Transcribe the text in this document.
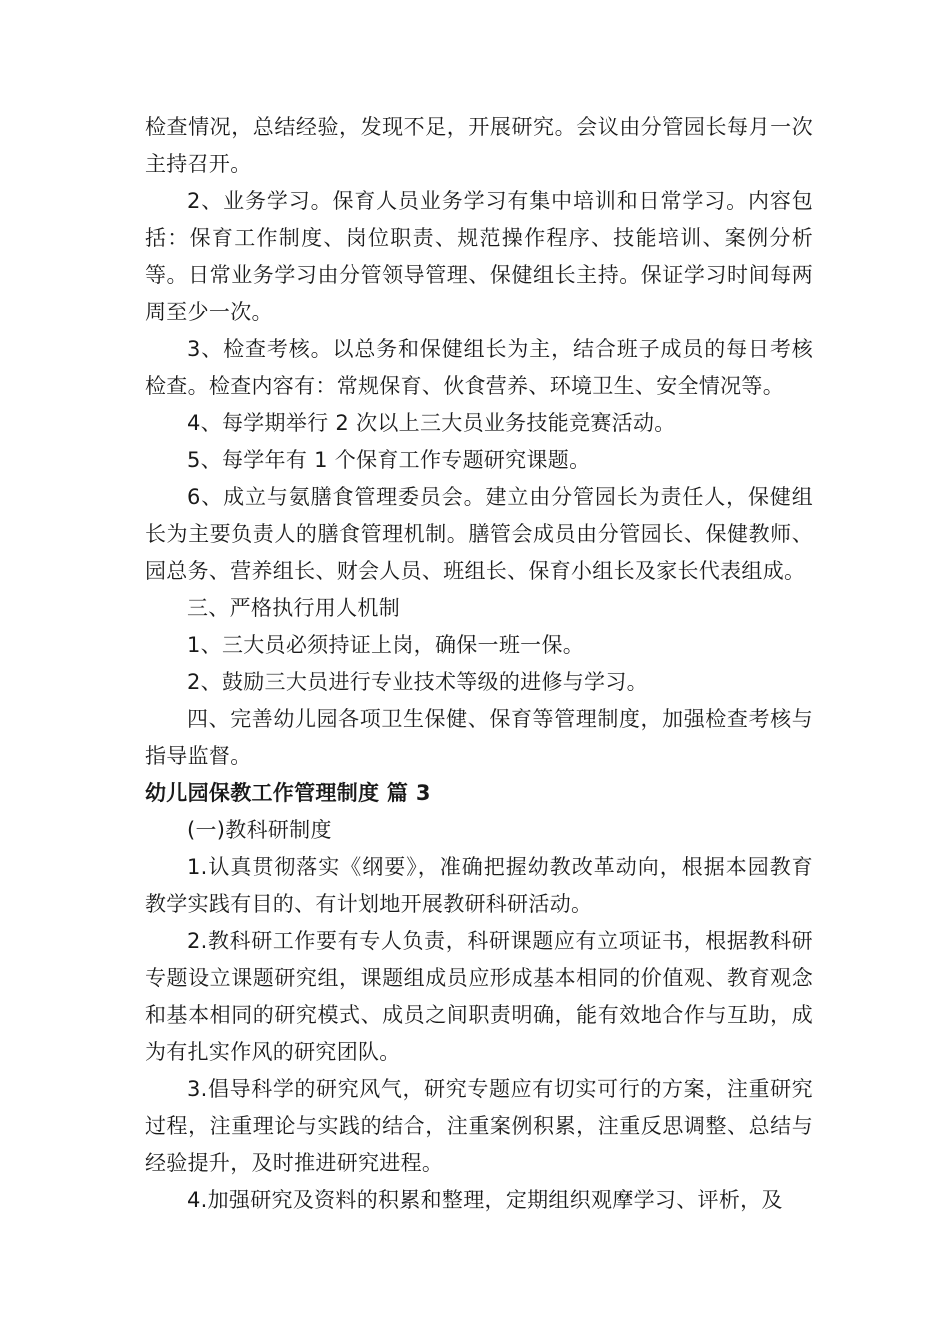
检查情况，总结经验，发现不足，开展研究。会议由分管园长每月一次主持召开。

2、业务学习。保育人员业务学习有集中培训和日常学习。内容包括：保育工作制度、岗位职责、规范操作程序、技能培训、案例分析等。日常业务学习由分管领导管理、保健组长主持。保证学习时间每两周至少一次。

3、检查考核。以总务和保健组长为主，结合班子成员的每日考核检查。检查内容有：常规保育、伙食营养、环境卫生、安全情况等。

4、每学期举行 2 次以上三大员业务技能竞赛活动。

5、每学年有 1 个保育工作专题研究课题。

6、成立与氨膳食管理委员会。建立由分管园长为责任人，保健组长为主要负责人的膳食管理机制。膳管会成员由分管园长、保健教师、园总务、营养组长、财会人员、班组长、保育小组长及家长代表组成。

三、严格执行用人机制

1、三大员必须持证上岗，确保一班一保。

2、鼓励三大员进行专业技术等级的进修与学习。

四、完善幼儿园各项卫生保健、保育等管理制度，加强检查考核与指导监督。

幼儿园保教工作管理制度 篇 3

(一)教科研制度

1.认真贯彻落实《纲要》，准确把握幼教改革动向，根据本园教育教学实践有目的、有计划地开展教研科研活动。

2.教科研工作要有专人负责，科研课题应有立项证书，根据教科研专题设立课题研究组，课题组成员应形成基本相同的价值观、教育观念和基本相同的研究模式、成员之间职责明确，能有效地合作与互助，成为有扎实作风的研究团队。

3.倡导科学的研究风气，研究专题应有切实可行的方案，注重研究过程，注重理论与实践的结合，注重案例积累，注重反思调整、总结与经验提升，及时推进研究进程。

4.加强研究及资料的积累和整理，定期组织观摩学习、评析，及
